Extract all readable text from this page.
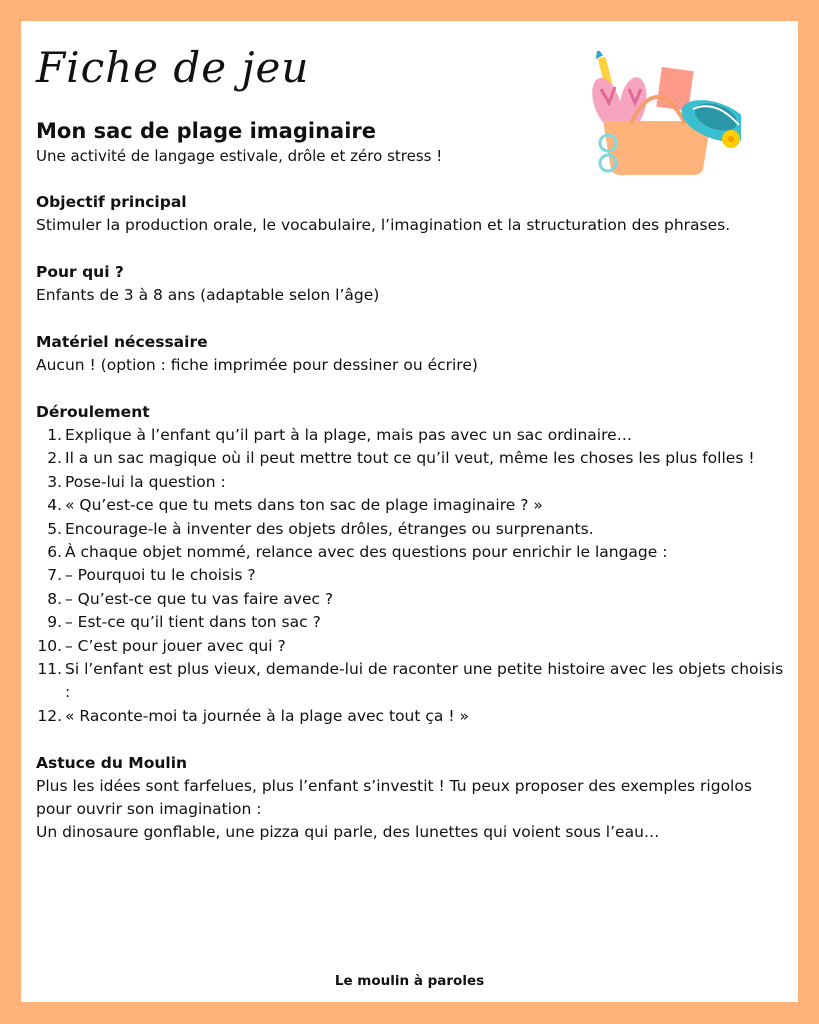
Fiche de jeu
Mon sac de plage imaginaire

Une activité de langage estivale, drôle et zéro stress !

Objectif principal
Stimuler la production orale, le vocabulaire, l’imagination et la structuration des phrases.
Pour qui ?
Enfants de 3 à 8 ans (adaptable selon l’âge)
Matériel nécessaire
Aucun ! (option : fiche imprimée pour dessiner ou écrire)
Déroulement
1. Explique à l’enfant qu’il part à la plage, mais pas avec un sac ordinaire…
2. Il a un sac magique où il peut mettre tout ce qu’il veut, même les choses les plus folles !
3. Pose-lui la question :
4. « Qu’est-ce que tu mets dans ton sac de plage imaginaire ? »
5. Encourage-le à inventer des objets drôles, étranges ou surprenants.
6. À chaque objet nommé, relance avec des questions pour enrichir le langage :
7. – Pourquoi tu le choisis ?
8. – Qu’est-ce que tu vas faire avec ?
9. – Est-ce qu’il tient dans ton sac ?
10. – C’est pour jouer avec qui ?
11. Si l’enfant est plus vieux, demande-lui de raconter une petite histoire avec les objets choisis :
12. « Raconte-moi ta journée à la plage avec tout ça ! »
Astuce du Moulin
Plus les idées sont farfelues, plus l’enfant s’investit ! Tu peux proposer des exemples rigolos pour ouvrir son imagination :
Un dinosaure gonflable, une pizza qui parle, des lunettes qui voient sous l’eau…
Le moulin à paroles
